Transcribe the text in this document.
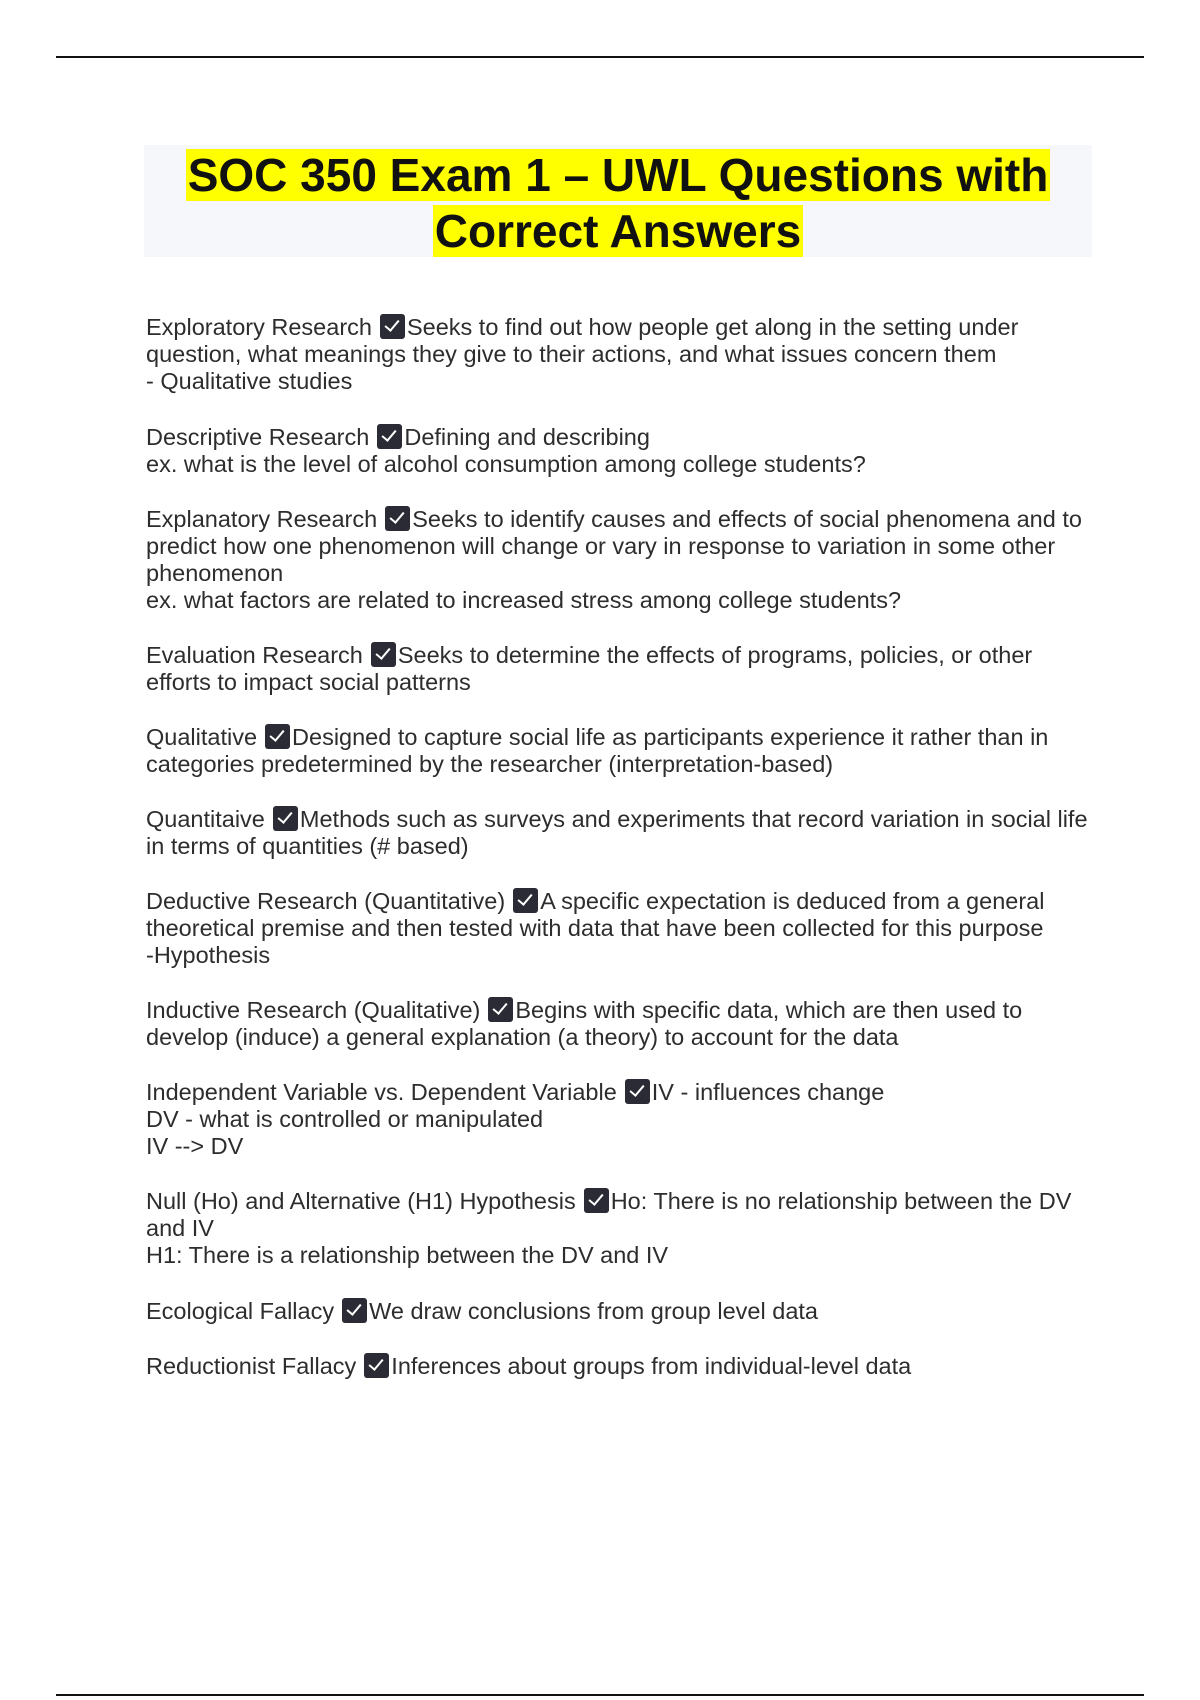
SOC 350 Exam 1 – UWL Questions with Correct Answers
Exploratory Research Seeks to find out how people get along in the setting under question, what meanings they give to their actions, and what issues concern them
- Qualitative studies
Descriptive Research Defining and describing
ex. what is the level of alcohol consumption among college students?
Explanatory Research Seeks to identify causes and effects of social phenomena and to predict how one phenomenon will change or vary in response to variation in some other phenomenon
ex. what factors are related to increased stress among college students?
Evaluation Research Seeks to determine the effects of programs, policies, or other efforts to impact social patterns
Qualitative Designed to capture social life as participants experience it rather than in categories predetermined by the researcher (interpretation-based)
Quantitaive Methods such as surveys and experiments that record variation in social life in terms of quantities (# based)
Deductive Research (Quantitative) A specific expectation is deduced from a general theoretical premise and then tested with data that have been collected for this purpose
-Hypothesis
Inductive Research (Qualitative) Begins with specific data, which are then used to develop (induce) a general explanation (a theory) to account for the data
Independent Variable vs. Dependent Variable IV - influences change
DV - what is controlled or manipulated
IV --> DV
Null (Ho) and Alternative (H1) Hypothesis Ho: There is no relationship between the DV and IV
H1: There is a relationship between the DV and IV
Ecological Fallacy We draw conclusions from group level data
Reductionist Fallacy Inferences about groups from individual-level data
